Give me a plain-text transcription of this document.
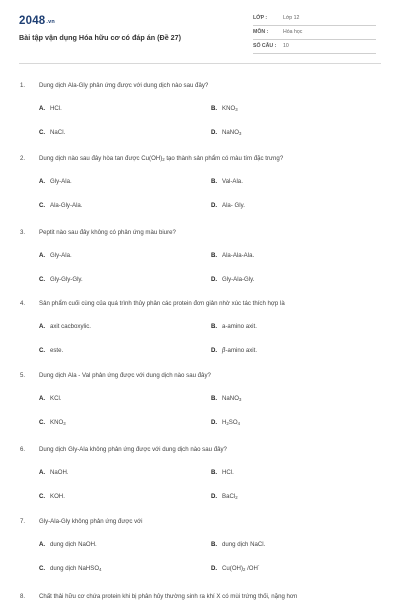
2048.vn
Bài tập vận dụng Hóa hữu cơ có đáp án (Đề 27)
LỚP :	Lớp 12
MÔN :	Hóa học
SỐ CÂU : 10
1. Dung dịch Ala-Gly phản ứng được với dung dịch nào sau đây?
A. HCl.	B. $KNO_3$
C. NaCl.	D. NaNO$_3$
2. Dung dịch nào sau đây hòa tan được $Cu(OH)_2$ tạo thành sản phẩm có màu tím đặc trưng?
A. Gly-Ala.	B. Val-Ala.
C. Ala-Gly-Ala.	D. Ala- Gly.
3. Peptit nào sau đây không có phản ứng màu biure?
A. Gly-Ala.	B. Ala-Ala-Ala.
C. Gly-Gly-Gly.	D. Gly-Ala-Gly.
4. Sản phẩm cuối cùng của quá trình thủy phân các protein đơn giản nhờ xúc tác thích hợp là
A. axit cacboxylic.	B. a-amino axit.
C. este.	D. β-amino axit.
5. Dung dịch Ala - Val phản ứng được với dung dịch nào sau đây?
A. KCl.	B. NaNO$_3$
C. $KNO_3$	D. $H_2SO_4$
6. Dung dịch Gly-Ala không phản ứng được với dung dịch nào sau đây?
A. NaOH.	B. HCl.
C. KOH.	D. BaCl$_2$
7. Gly-Ala-Gly không phản ứng được với
A. dung dịch NaOH.	B. dung dịch NaCl.
C. dung dịch NaHSO$_4$	D. $Cu(OH)_2$ /OH-
8. Chất thải hữu cơ chứa protein khi bị phân hủy thường sinh ra khí X có mùi trứng thối, nặng hơn
